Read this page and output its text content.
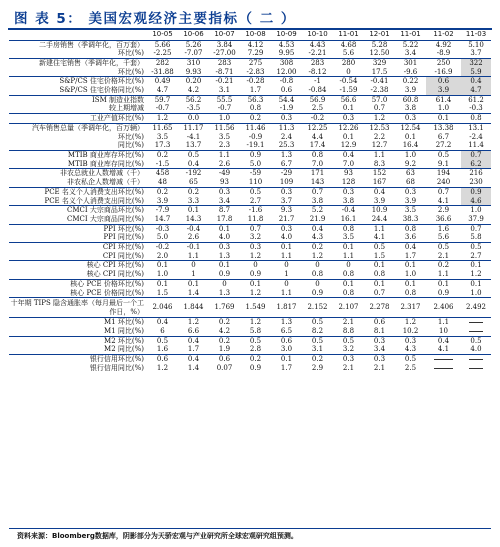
图 表 5： 美国宏观经济主要指标（ 二 ）
	10-05	10-06	10-07	10-08	10-09	10-10	11-01	12-01	11-01	11-02	11-03
二手房销售（季调年化，百万套）	5.66	5.26	3.84	4.12	4.53	4.43	4.68	5.28	5.22	4.92	5.10
环比(%)	-2.25	-7.07	-27.00	7.29	9.95	-2.21	5.6	12.50	3.4	-8.9	3.7
新建住宅销售（季调年化，千套）	282	310	283	275	308	283	280	329	301	250	322
环比(%)	-31.88	9.93	-8.71	-2.83	12.00	-8.12	0	17.5	-9.6	-16.9	5.9
S&P/CS 住宅价格环比(%)	0.49	0.20	-0.21	-0.28	-0.8	-1	-0.54	-0.41	0.22	0.6	0.4
S&P/CS 住宅价格同比(%)	4.7	4.2	3.1	1.7	0.6	-0.84	-1.59	-2.38	3.9	3.9	4.7
ISM 制造业指数	59.7	56.2	55.5	56.3	54.4	56.9	56.6	57.0	60.8	61.4	61.2
较上期增减	-0.7	-3.5	-0.7	0.8	-1.9	2.5	0.1	0.7	3.8	1.0	-0.3
工业产值环比(%)	1.2	0.0	1.0	0.2	0.3	-0.2	0.3	1.2	0.3	0.1	0.8
汽车销售总量（季调年化，百万辆）	11.65	11.17	11.56	11.46	11.3	12.25	12.26	12.53	12.54	13.38	13.1
环比(%)	3.5	-4.1	3.5	-0.9	2.4	4.4	0.1	2.2	0.1	6.7	-2.4
同比(%)	17.3	13.7	2.3	-19.1	25.3	17.4	12.9	12.7	16.4	27.2	11.4
MTIB 商业库存环比(%)	0.2	0.5	1.1	0.9	1.3	0.8	0.4	1.1	1.0	0.5	0.7
MTIB 商业库存同比(%)	-1.5	0.4	2.6	5.0	6.7	7.0	7.0	8.3	9.2	9.1	6.2
非农总就业人数增减（千）	458	-192	-49	-59	-29	171	93	152	63	194	216
非农私企人数增减（千）	48	65	93	110	109	143	128	167	68	240	230
PCE 名义个人消费支出环比(%)	0.2	0.2	0.3	0.5	0.3	0.7	0.3	0.4	0.3	0.7	0.9
PCE 名义个人消费支出同比(%)	3.9	3.3	3.4	2.7	3.7	3.8	3.8	3.9	3.9	4.1	4.6
CMCI 大宗商品环比(%)	-7.9	0.1	8.7	-1.6	9.3	5.2	-0.4	10.9	3.5	2.9	1.0
CMCI 大宗商品同比(%)	14.7	14.3	17.8	11.8	21.7	21.9	16.1	24.4	38.3	36.6	37.9
PPI 环比(%)	-0.3	-0.4	0.1	0.7	0.3	0.4	0.8	1.1	0.8	1.6	0.7
PPI 同比(%)	5.0	2.6	4.0	3.2	4.0	4.3	3.5	4.1	3.6	5.6	5.8
CPI 环比(%)	-0.2	-0.1	0.3	0.3	0.1	0.2	0.1	0.5	0.4	0.5	0.5
CPI 同比(%)	2.0	1.1	1.3	1.2	1.1	1.2	1.1	1.5	1.7	2.1	2.7
核心 CPI 环比(%)	0.1	0	0.1	0	0	0	0	0.1	0.1	0.2	0.1
核心 CPI 同比(%)	1.0	1	0.9	0.9	1	0.8	0.8	0.8	1.0	1.1	1.2
核心 PCE 价格环比(%)	0.1	0.1	0	0.1	0	0	0.1	0.1	0.1	0.1	0.1
核心 PCE 价格同比(%)	1.5	1.4	1.3	1.2	1.1	0.9	0.8	0.7	0.8	0.9	1.0
十年期 TIPS 隐含通胀率（每月最后一个工作日，%）	2.046	1.844	1.769	1.549	1.817	2.152	2.107	2.278	2.317	2.406	2.492
M1 环比(%)	0.4	1.2	0.2	1.2	1.3	0.5	2.1	0.6	1.2	1.1	

M1 同比(%)	6	6.6	4.2	5.8	6.5	8.2	8.8	8.1	10.2	10	

M2 环比(%)	0.5	0.4	0.2	0.5	0.6	0.5	0.5	0.3	0.3	0.4	0.5
M2 同比(%)	1.6	1.7	1.9	2.8	3.0	3.1	3.2	3.4	4.3	4.1	4.0
银行信用环比(%)	0.6	0.4	0.6	0.2	0.1	0.2	0.3	0.3	0.5	

银行信用同比(%)	1.2	1.4	0.07	0.9	1.7	2.9	2.1	2.1	2.5	

资料来源：Bloomberg数据库，阴影部分为天骄宏观与产业研究所全球宏观研究组预测。
